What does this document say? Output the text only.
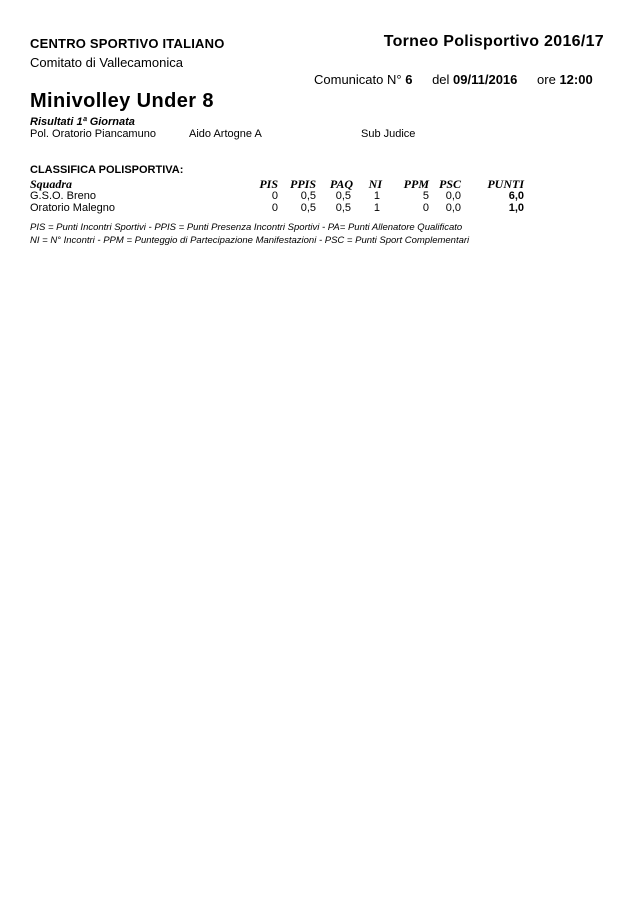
CENTRO SPORTIVO ITALIANO	Torneo Polisportivo 2016/17
Comitato di Vallecamonica
Comunicato N° 6 del 09/11/2016 ore 12:00
Minivolley Under 8
Risultati 1ª Giornata
Pol. Oratorio Piancamuno	Aido Artogne A	Sub Judice
CLASSIFICA POLISPORTIVA:
Squadra	PIS	PPIS	PAQ	NI	PPM	PSC	PUNTI
G.S.O. Breno	0	0,5	0,5	1	5	0,0	6,0
Oratorio Malegno	0	0,5	0,5	1	0	0,0	1,0
PIS = Punti Incontri Sportivi - PPIS = Punti Presenza Incontri Sportivi - PA= Punti Allenatore Qualificato
NI = N° Incontri - PPM = Punteggio di Partecipazione Manifestazioni - PSC = Punti Sport Complementari
